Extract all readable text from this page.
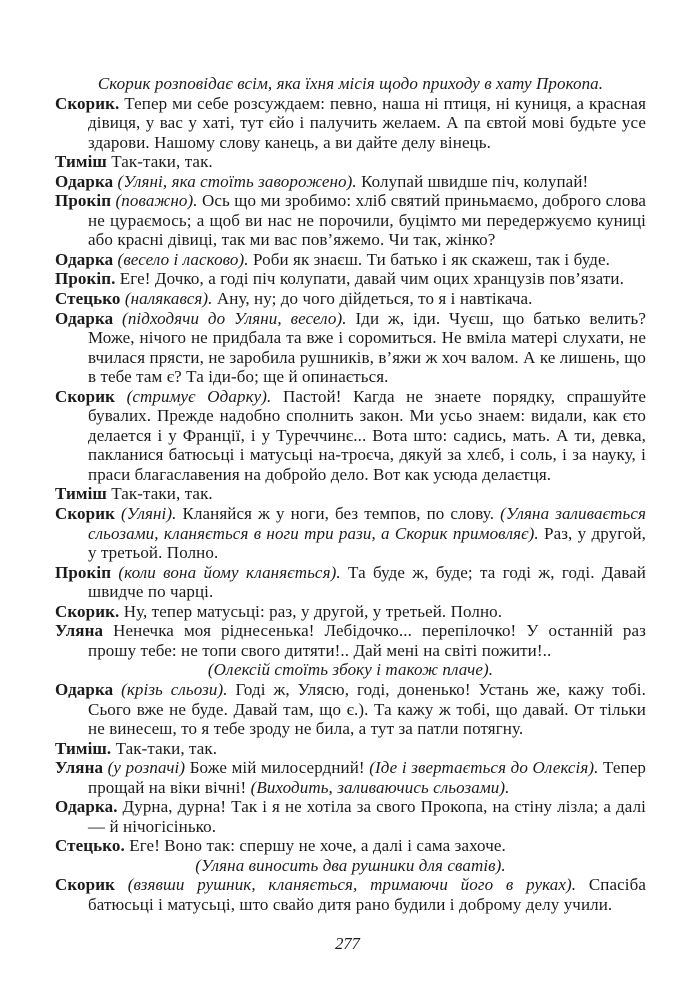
Скорик розповідає всім, яка їхня місія щодо приходу в хату Прокопа.

Скорик. Тепер ми себе розсуждаем: певно, наша ні птиця, ні куниця, а красная дівиця, у вас у хаті, тут єйо і палучить желаем. А па євтой мові будьте усе здарови. Нашому слову канець, а ви дайте делу вінець.

Тиміш Так-таки, так.

Одарка (Уляні, яка стоїть заворожено). Колупай швидше піч, колупай!

Прокіп (поважно). Ось що ми зробимо: хліб святий приньмаємо, доброго слова не цураємось; а щоб ви нас не порочили, буцімто ми передержуємо куниці або красні дівиці, так ми вас пов’яжемо. Чи так, жінко?

Одарка (весело і ласково). Роби як знаєш. Ти батько і як скажеш, так і буде.

Прокіп. Еге! Дочко, а годі піч колупати, давай чим оцих хранцузів пов’язати.

Стецько (налякався). Ану, ну; до чого дійдеться, то я і навтікача.

Одарка (підходячи до Уляни, весело). Іди ж, іди. Чуєш, що батько велить? Може, нічого не придбала та вже і соромиться. Не вміла матері слухати, не вчилася прясти, не заробила рушників, в’яжи ж хоч валом. А ке лишень, що в тебе там є? Та іди-бо; ще й опинається.

Скорик (стримує Одарку). Пастой! Кагда не знаете порядку, спрашуйте бувалих. Прежде надобно сполнить закон. Ми усьо знаем: видали, как єто делается і у Франції, і у Туреччинє... Вота што: садись, мать. А ти, девка, пакланися батюсьці і матусьці на-троєча, дякуй за хлєб, і соль, і за науку, і праси благаславения на добройо дело. Вот как усюда делаєтця.

Тиміш Так-таки, так.

Скорик (Уляні). Кланяйся ж у ноги, без темпов, по слову. (Уляна заливається сльозами, кланяється в ноги три рази, а Скорик примовляє). Раз, у другой, у третьой. Полно.

Прокіп (коли вона йому кланяється). Та буде ж, буде; та годі ж, годі. Давай швидче по чарці.

Скорик. Ну, тепер матусьці: раз, у другой, у третьей. Полно.

Уляна Ненечка моя ріднесенька! Лебідочко... перепілочко! У останній раз прошу тебе: не топи свого дитяти!.. Дай мені на світі пожити!..

(Олексій стоїть збоку і також плаче).

Одарка (крізь сльози). Годі ж, Улясю, годі, доненько! Устань же, кажу тобі. Сього вже не буде. Давай там, що є.). Та кажу ж тобі, що давай. От тільки не винесеш, то я тебе зроду не била, а тут за патли потягну.

Тиміш. Так-таки, так.

Уляна (у розпачі) Боже мій милосердний! (Іде і звертається до Олексія). Тепер прощай на віки вічні! (Виходить, заливаючись сльозами).

Одарка. Дурна, дурна! Так і я не хотіла за свого Прокопа, на стіну лізла; а далі — й нічогісінько.

Стецько. Еге! Воно так: спершу не хоче, а далі і сама захоче.

(Уляна виносить два рушники для сватів).

Скорик (взявши рушник, кланяється, тримаючи його в руках). Спасіба батюсьці і матусьці, што свайо дитя рано будили і доброму делу учили.

277
